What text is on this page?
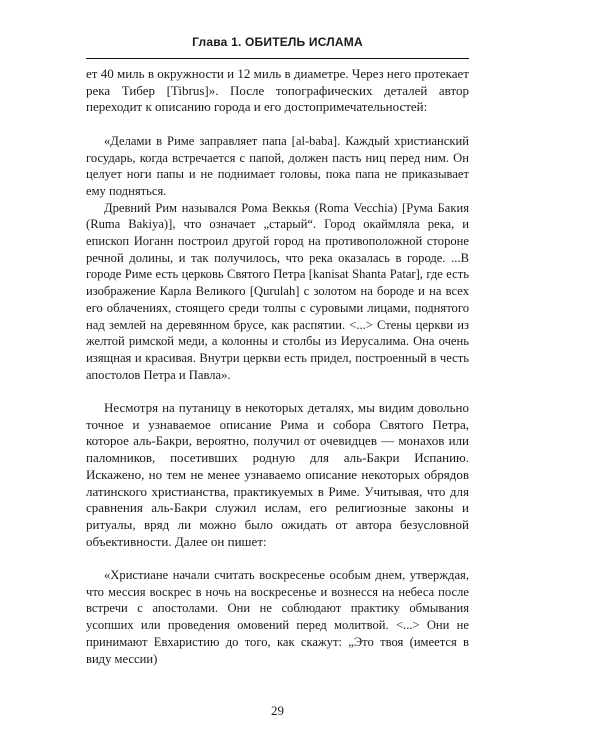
Глава 1. ОБИТЕЛЬ ИСЛАМА

ет 40 миль в окружности и 12 миль в диаметре. Через него протекает река Тибер [Tibrus]». После топографических деталей автор переходит к описанию города и его достопримечательностей:

«Делами в Риме заправляет папа [al-baba]. Каждый христианский государь, когда встречается с папой, должен пасть ниц перед ним. Он целует ноги папы и не поднимает головы, пока папа не приказывает ему подняться.

Древний Рим назывался Рома Веккья (Roma Vecchia) [Рума Бакия (Ruma Bakiya)], что означает „старый“. Город окаймляла река, и епископ Иоганн построил другой город на противоположной стороне речной долины, и так получилось, что река оказалась в городе. ...В городе Риме есть церковь Святого Петра [kanisat Shanta Patar], где есть изображение Карла Великого [Qurulah] с золотом на бороде и на всех его облачениях, стоящего среди толпы с суровыми лицами, поднятого над землей на деревянном брусе, как распятии. <...> Стены церкви из желтой римской меди, а колонны и столбы из Иерусалима. Она очень изящная и красивая. Внутри церкви есть придел, построенный в честь апостолов Петра и Павла».

Несмотря на путаницу в некоторых деталях, мы видим довольно точное и узнаваемое описание Рима и собора Святого Петра, которое аль-Бакри, вероятно, получил от очевидцев — монахов или паломников, посетивших родную для аль-Бакри Испанию. Искажено, но тем не менее узнаваемо описание некоторых обрядов латинского христианства, практикуемых в Риме. Учитывая, что для сравнения аль-Бакри служил ислам, его религиозные законы и ритуалы, вряд ли можно было ожидать от автора безусловной объективности. Далее он пишет:

«Христиане начали считать воскресенье особым днем, утверждая, что мессия воскрес в ночь на воскресенье и вознесся на небеса после встречи с апостолами. Они не соблюдают практику обмывания усопших или проведения омовений перед молитвой. <...> Они не принимают Евхаристию до того, как скажут: „Это твоя (имеется в виду мессии)

29
